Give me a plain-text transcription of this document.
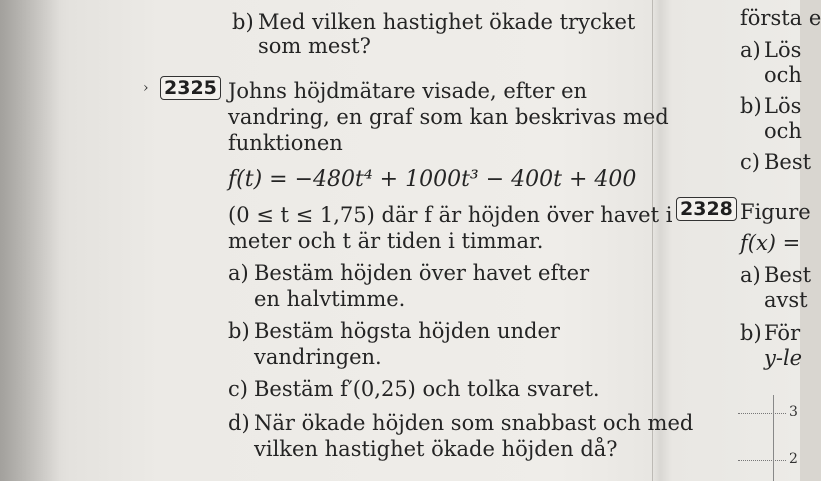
b) Med vilken hastighet ökade trycket
som mest?
› 2325 Johns höjdmätare visade, efter en
vandring, en graf som kan beskrivas med
funktionen
f(t) = −480t⁴ + 1000t³ − 400t + 400
(0 ≤ t ≤ 1,75) där f är höjden över havet i
meter och t är tiden i timmar.
a) Bestäm höjden över havet efter
en halvtimme.
b) Bestäm högsta höjden under
vandringen.
c) Bestäm f′(0,25) och tolka svaret.
d) När ökade höjden som snabbast och med
vilken hastighet ökade höjden då?
första e
a) Lös
och
b) Lös
och
c) Best
2328 Figure
f(x) =
a) Best
avst
b) För
y-le
3
2
